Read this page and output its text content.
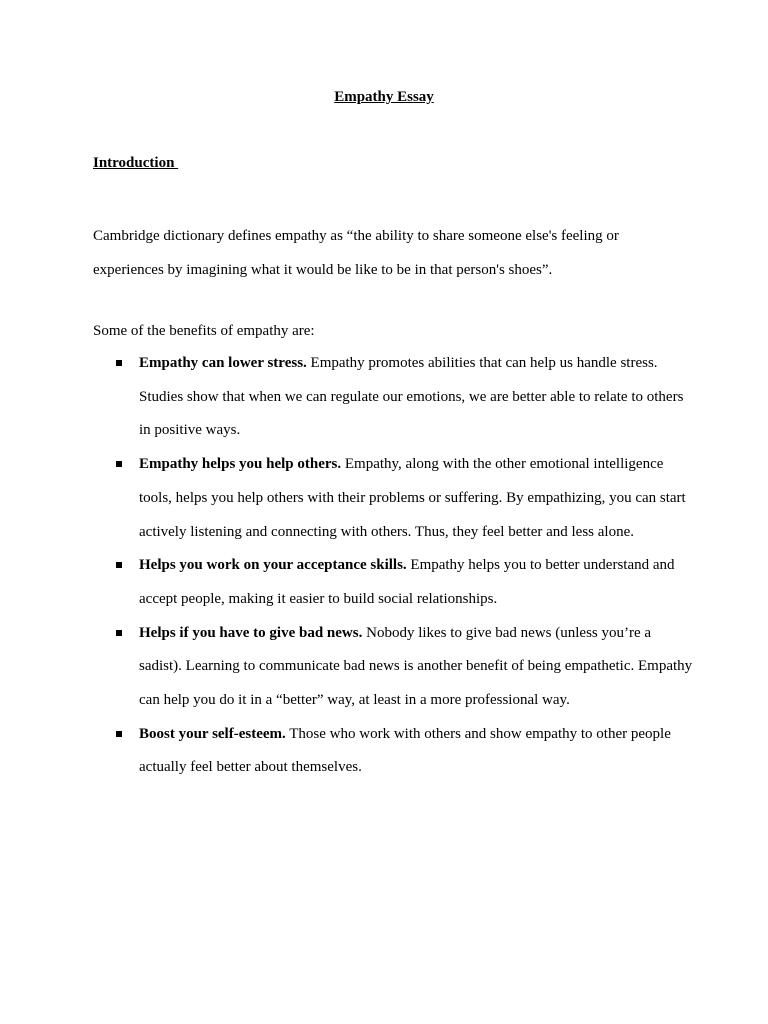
Empathy Essay
Introduction

Cambridge dictionary defines empathy as “the ability to share someone else's feeling or experiences by imagining what it would be like to be in that person's shoes”.

Some of the benefits of empathy are:

Empathy can lower stress. Empathy promotes abilities that can help us handle stress. Studies show that when we can regulate our emotions, we are better able to relate to others in positive ways.
Empathy helps you help others. Empathy, along with the other emotional intelligence tools, helps you help others with their problems or suffering. By empathizing, you can start actively listening and connecting with others. Thus, they feel better and less alone.
Helps you work on your acceptance skills. Empathy helps you to better understand and accept people, making it easier to build social relationships.
Helps if you have to give bad news. Nobody likes to give bad news (unless you’re a sadist). Learning to communicate bad news is another benefit of being empathetic. Empathy can help you do it in a “better” way, at least in a more professional way.
Boost your self-esteem. Those who work with others and show empathy to other people actually feel better about themselves.
